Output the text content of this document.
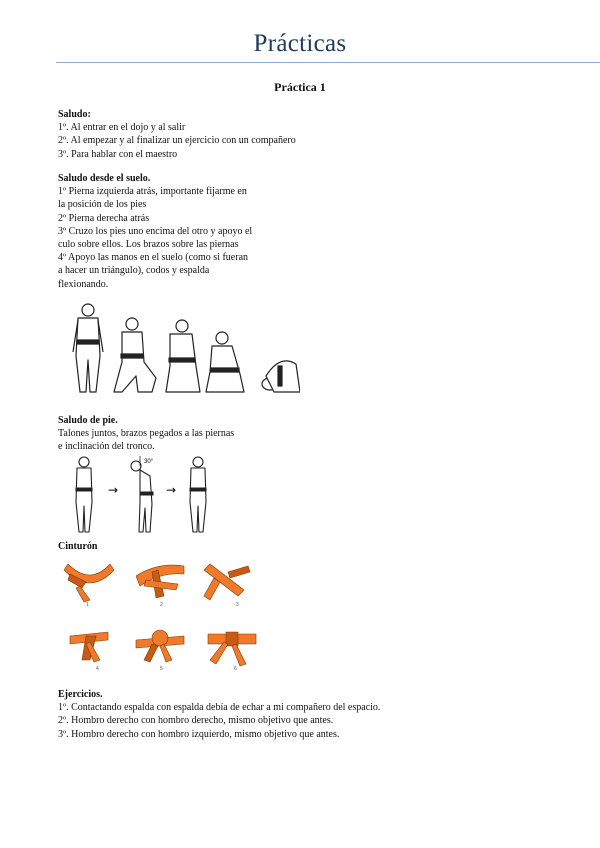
Prácticas
Práctica 1
Saludo:
1º. Al entrar en el dojo y al salir
2º. Al empezar y al finalizar un ejercicio con un compañero
3º. Para hablar con el maestro
Saludo desde el suelo.
1º Pierna izquierda atrás, importante fijarme en
la posición de los pies
2º Pierna derecha atrás
3º Cruzo los pies uno encima del otro y apoyo el
culo sobre ellos. Los brazos sobre las piernas
4º Apoyo las manos en el suelo (como si fueran
a hacer un triángulo), codos y espalda
flexionando.
Saludo de pie.
Talones juntos, brazos pegados a las piernas
e inclinación del tronco.
30°
→	→
Cinturón
1	2	3
4	5	6
Ejercicios.
1º. Contactando espalda con espalda debía de echar a mi compañero del espacio.
2º. Hombro derecho con hombro derecho, mismo objetivo que antes.
3º. Hombro derecho con hombro izquierdo, mismo objetivo que antes.
